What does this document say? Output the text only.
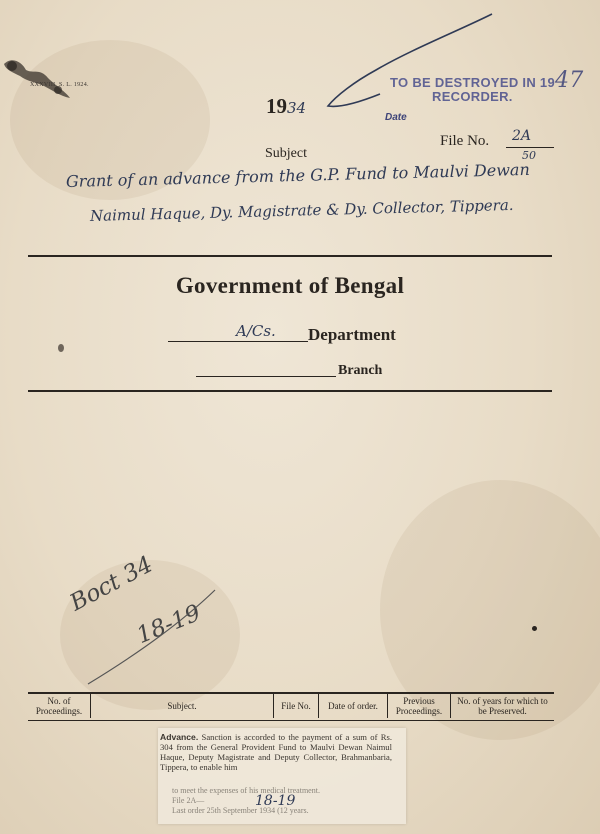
XXXVIII. S. L. 1924.
1934
TO BE DESTROYED IN 1947
RECORDER.
Date
File No. 2A
50
Subject
Grant of an advance from the G.P. Fund to Maulvi Dewan
Naimul Haque, Dy. Magistrate & Dy. Collector, Tippera.
Government of Bengal
A/Cs. Department
Branch
Boct 34
18-19
No. of Proceedings.	Subject.	File No.	Date of order.	Previous Proceedings.	No. of years for which to be Preserved.
Advance. Sanction is accorded to the payment of a sum of Rs. 304 from the General Provident Fund to Maulvi Dewan Naimul Haque, Deputy Magistrate and Deputy Collector, Brahmanbaria, Tippera, to enable him
to meet the expenses of his medical treatment.
File 2A—
Last order 25th September 1934 (12 years.
18-19
